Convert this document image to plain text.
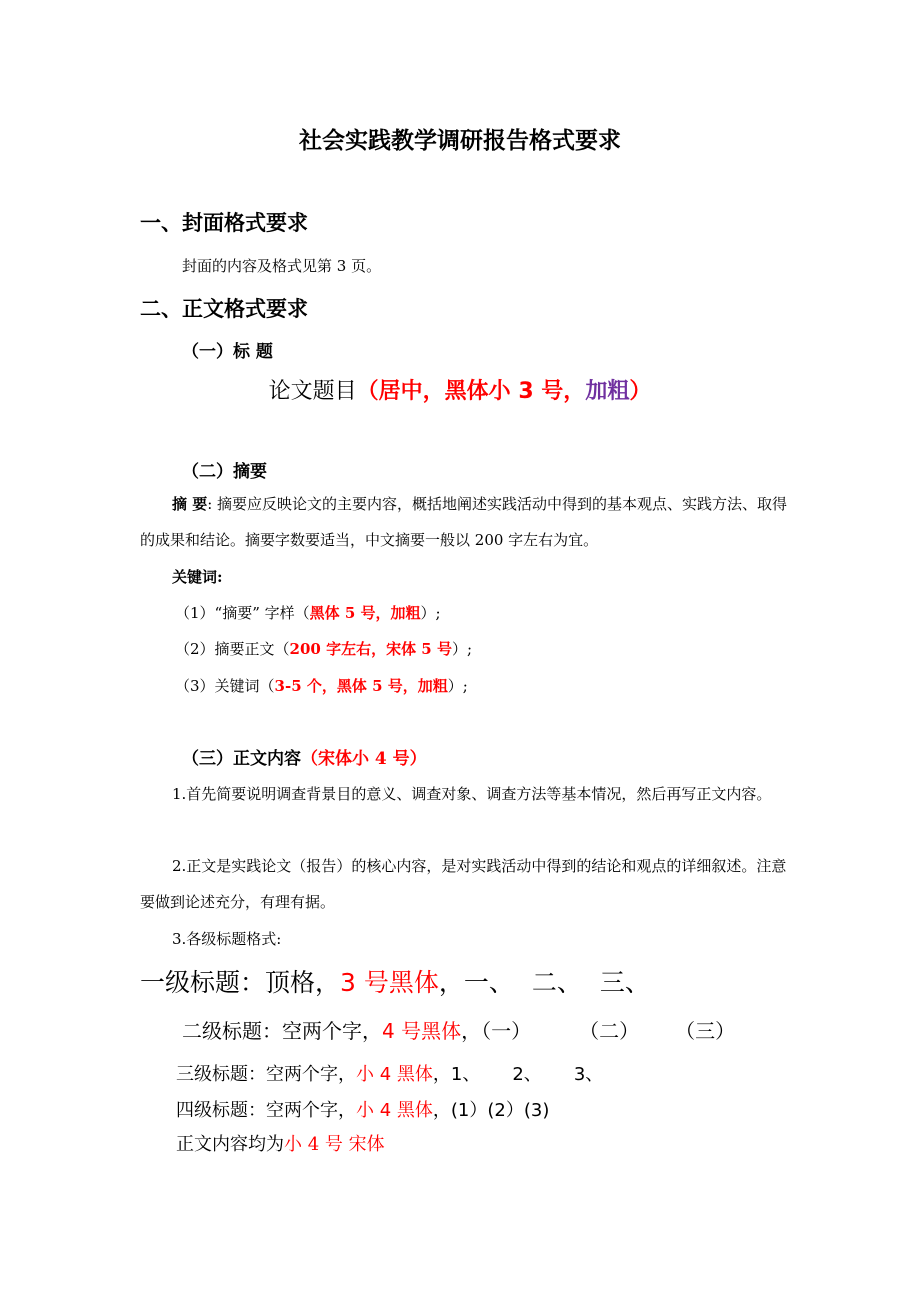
社会实践教学调研报告格式要求
一、封面格式要求
封面的内容及格式见第 3 页。
二、正文格式要求
（一）标 题
论文题目（居中，黑体小 3 号，加粗）
（二）摘要
摘 要: 摘要应反映论文的主要内容，概括地阐述实践活动中得到的基本观点、实践方法、取得的成果和结论。摘要字数要适当，中文摘要一般以 200 字左右为宜。
关键词:
（1）“摘要” 字样（黑体 5 号，加粗）;
（2）摘要正文（200 字左右，宋体 5 号）;
（3）关键词（3-5 个，黑体 5 号，加粗）;
（三）正文内容（宋体小 4 号）
1.首先简要说明调查背景目的意义、调查对象、调查方法等基本情况，然后再写正文内容。
2.正文是实践论文（报告）的核心内容，是对实践活动中得到的结论和观点的详细叙述。注意要做到论述充分，有理有据。
3.各级标题格式:
一级标题：顶格，3 号黑体，一、 二、 三、
二级标题：空两个字，4 号黑体，（一） （二） （三）
三级标题：空两个字，小 4 黑体，1、 2、 3、
四级标题：空两个字，小 4 黑体，(1）(2）(3)
正文内容均为小 4 号 宋体
